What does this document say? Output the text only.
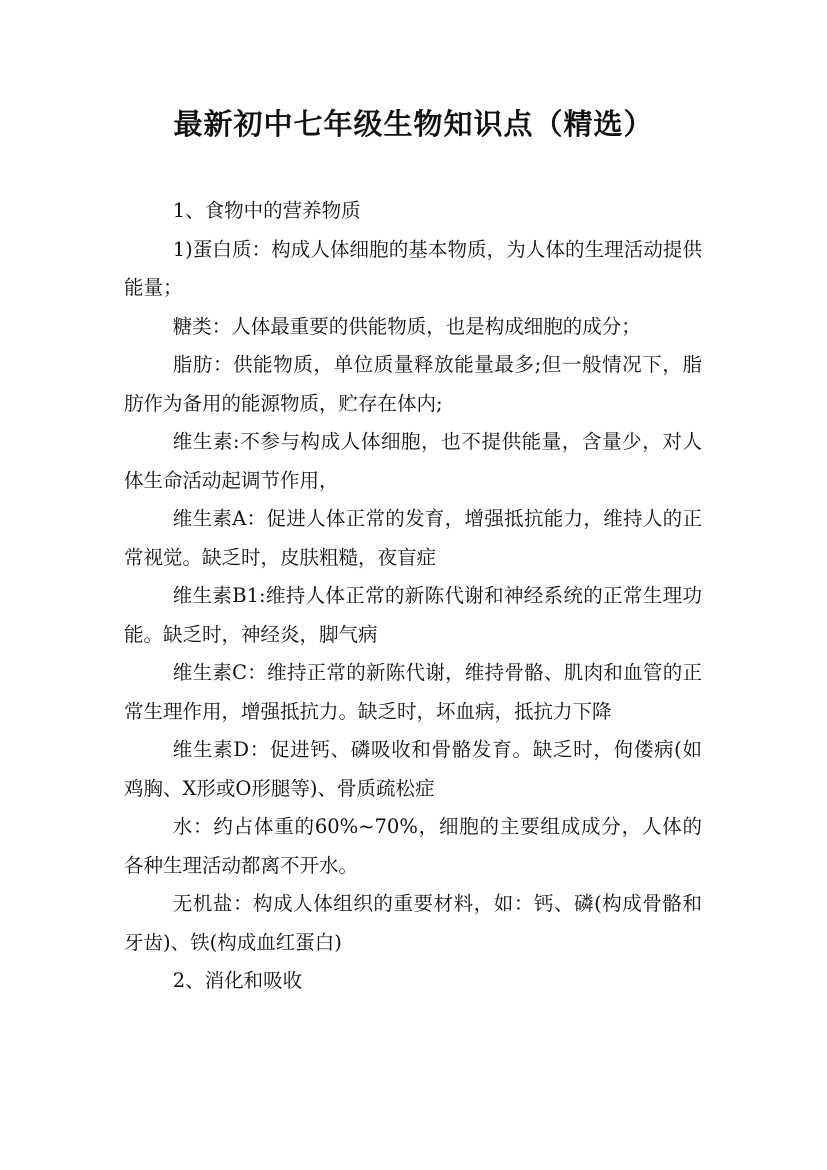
最新初中七年级生物知识点（精选）

1、食物中的营养物质

1)蛋白质：构成人体细胞的基本物质，为人体的生理活动提供能量；

糖类：人体最重要的供能物质，也是构成细胞的成分；

脂肪：供能物质，单位质量释放能量最多;但一般情况下，脂肪作为备用的能源物质，贮存在体内;

维生素:不参与构成人体细胞，也不提供能量，含量少，对人体生命活动起调节作用，

维生素A：促进人体正常的发育，增强抵抗能力，维持人的正常视觉。缺乏时，皮肤粗糙，夜盲症

维生素B1:维持人体正常的新陈代谢和神经系统的正常生理功能。缺乏时，神经炎，脚气病

维生素C：维持正常的新陈代谢，维持骨骼、肌肉和血管的正常生理作用，增强抵抗力。缺乏时，坏血病，抵抗力下降

维生素D：促进钙、磷吸收和骨骼发育。缺乏时，佝偻病(如鸡胸、X形或O形腿等)、骨质疏松症

水：约占体重的60%~70%，细胞的主要组成成分，人体的各种生理活动都离不开水。

无机盐：构成人体组织的重要材料，如：钙、磷(构成骨骼和牙齿)、铁(构成血红蛋白)

2、消化和吸收
